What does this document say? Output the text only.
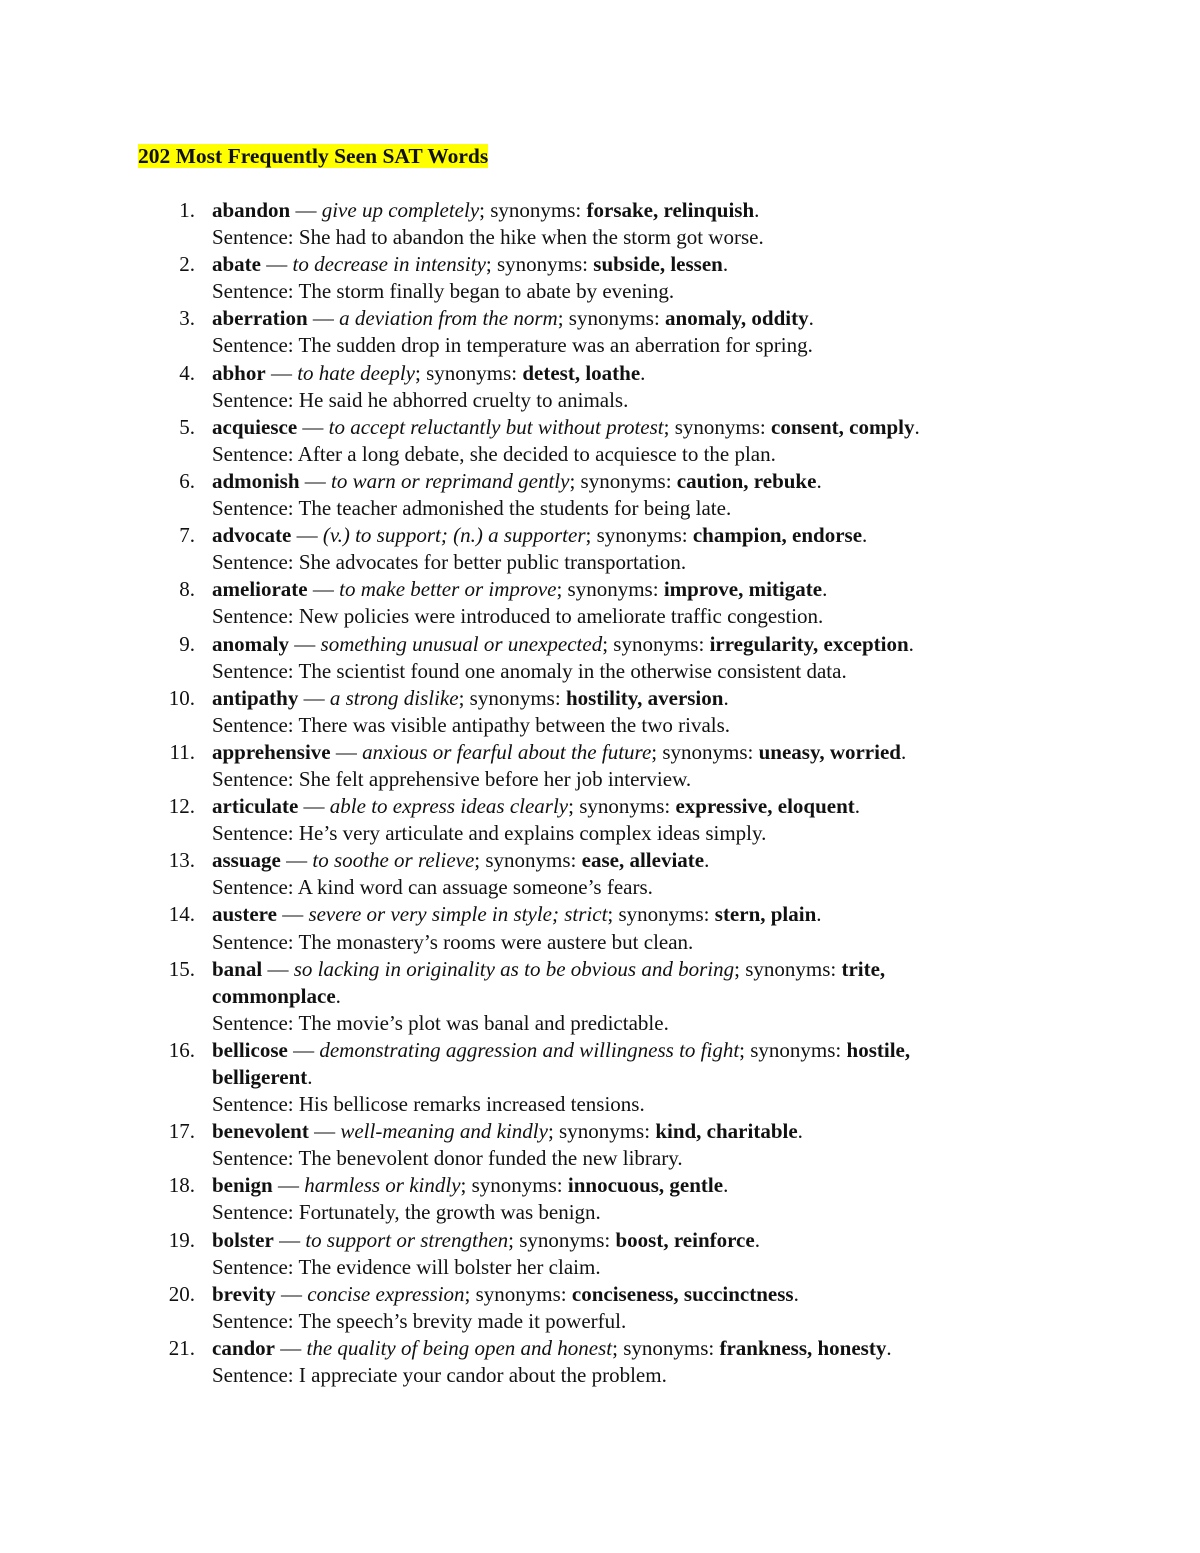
202 Most Frequently Seen SAT Words
1. abandon — give up completely; synonyms: forsake, relinquish.
Sentence: She had to abandon the hike when the storm got worse.
2. abate — to decrease in intensity; synonyms: subside, lessen.
Sentence: The storm finally began to abate by evening.
3. aberration — a deviation from the norm; synonyms: anomaly, oddity.
Sentence: The sudden drop in temperature was an aberration for spring.
4. abhor — to hate deeply; synonyms: detest, loathe.
Sentence: He said he abhorred cruelty to animals.
5. acquiesce — to accept reluctantly but without protest; synonyms: consent, comply.
Sentence: After a long debate, she decided to acquiesce to the plan.
6. admonish — to warn or reprimand gently; synonyms: caution, rebuke.
Sentence: The teacher admonished the students for being late.
7. advocate — (v.) to support; (n.) a supporter; synonyms: champion, endorse.
Sentence: She advocates for better public transportation.
8. ameliorate — to make better or improve; synonyms: improve, mitigate.
Sentence: New policies were introduced to ameliorate traffic congestion.
9. anomaly — something unusual or unexpected; synonyms: irregularity, exception.
Sentence: The scientist found one anomaly in the otherwise consistent data.
10. antipathy — a strong dislike; synonyms: hostility, aversion.
Sentence: There was visible antipathy between the two rivals.
11. apprehensive — anxious or fearful about the future; synonyms: uneasy, worried.
Sentence: She felt apprehensive before her job interview.
12. articulate — able to express ideas clearly; synonyms: expressive, eloquent.
Sentence: He’s very articulate and explains complex ideas simply.
13. assuage — to soothe or relieve; synonyms: ease, alleviate.
Sentence: A kind word can assuage someone’s fears.
14. austere — severe or very simple in style; strict; synonyms: stern, plain.
Sentence: The monastery’s rooms were austere but clean.
15. banal — so lacking in originality as to be obvious and boring; synonyms: trite, commonplace.
Sentence: The movie’s plot was banal and predictable.
16. bellicose — demonstrating aggression and willingness to fight; synonyms: hostile, belligerent.
Sentence: His bellicose remarks increased tensions.
17. benevolent — well-meaning and kindly; synonyms: kind, charitable.
Sentence: The benevolent donor funded the new library.
18. benign — harmless or kindly; synonyms: innocuous, gentle.
Sentence: Fortunately, the growth was benign.
19. bolster — to support or strengthen; synonyms: boost, reinforce.
Sentence: The evidence will bolster her claim.
20. brevity — concise expression; synonyms: conciseness, succinctness.
Sentence: The speech’s brevity made it powerful.
21. candor — the quality of being open and honest; synonyms: frankness, honesty.
Sentence: I appreciate your candor about the problem.
